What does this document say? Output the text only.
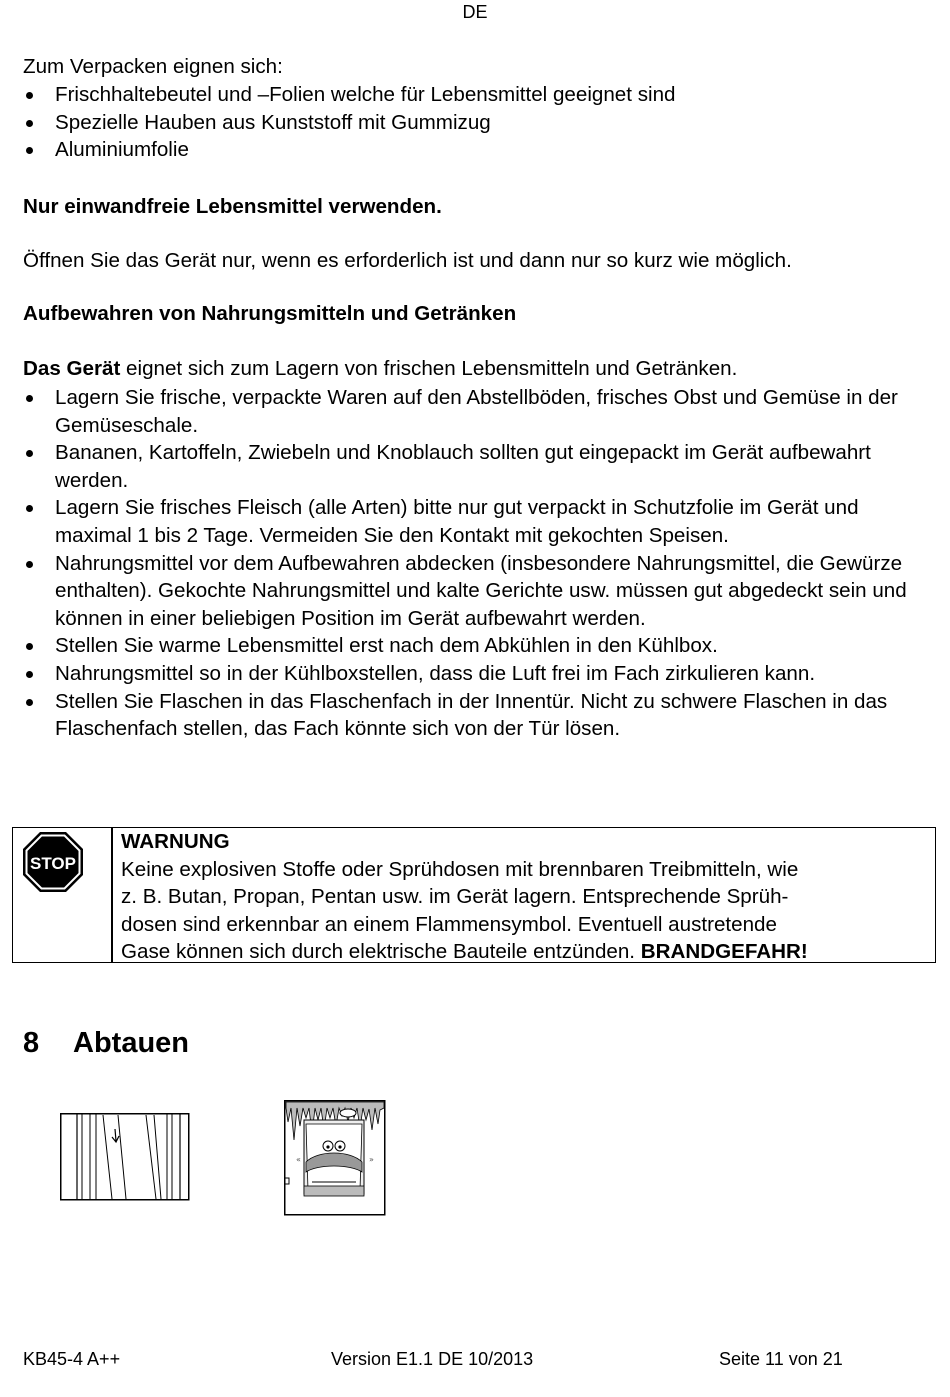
DE
Zum Verpacken eignen sich:
Frischhaltebeutel und –Folien welche für Lebensmittel geeignet sind
Spezielle Hauben aus Kunststoff mit Gummizug
Aluminiumfolie
Nur einwandfreie Lebensmittel verwenden.
Öffnen Sie das Gerät nur, wenn es erforderlich ist und dann nur so kurz wie möglich.
Aufbewahren von Nahrungsmitteln und Getränken
Das Gerät eignet sich zum Lagern von frischen Lebensmitteln und Getränken.
Lagern Sie frische, verpackte Waren auf den Abstellböden, frisches Obst und Gemüse in der Gemüseschale.
Bananen, Kartoffeln, Zwiebeln und Knoblauch sollten gut eingepackt im Gerät aufbewahrt werden.
Lagern Sie frisches Fleisch (alle Arten) bitte nur gut verpackt in Schutzfolie im Gerät und maximal 1 bis 2 Tage. Vermeiden Sie den Kontakt mit gekochten Speisen.
Nahrungsmittel vor dem Aufbewahren abdecken (insbesondere Nahrungsmittel, die Gewürze enthalten). Gekochte Nahrungsmittel und kalte Gerichte usw. müssen gut abgedeckt sein und können in einer beliebigen Position im Gerät aufbewahrt werden.
Stellen Sie warme Lebensmittel erst nach dem Abkühlen in den Kühlbox.
Nahrungsmittel so in der Kühlboxstellen, dass die Luft frei im Fach zirkulieren kann.
Stellen Sie Flaschen in das Flaschenfach in der Innentür. Nicht zu schwere Flaschen in das Flaschenfach stellen, das Fach könnte sich von der Tür lösen.
STOP
WARNUNG
Keine explosiven Stoffe oder Sprühdosen mit brennbaren Treibmitteln, wie
z. B. Butan, Propan, Pentan usw. im Gerät lagern. Entsprechende Sprüh-
dosen sind erkennbar an einem Flammensymbol. Eventuell austretende
Gase können sich durch elektrische Bauteile entzünden. BRANDGEFAHR!
8 Abtauen
«	»
KB45-4 A++	Version E1.1 DE 10/2013	Seite 11 von 21
